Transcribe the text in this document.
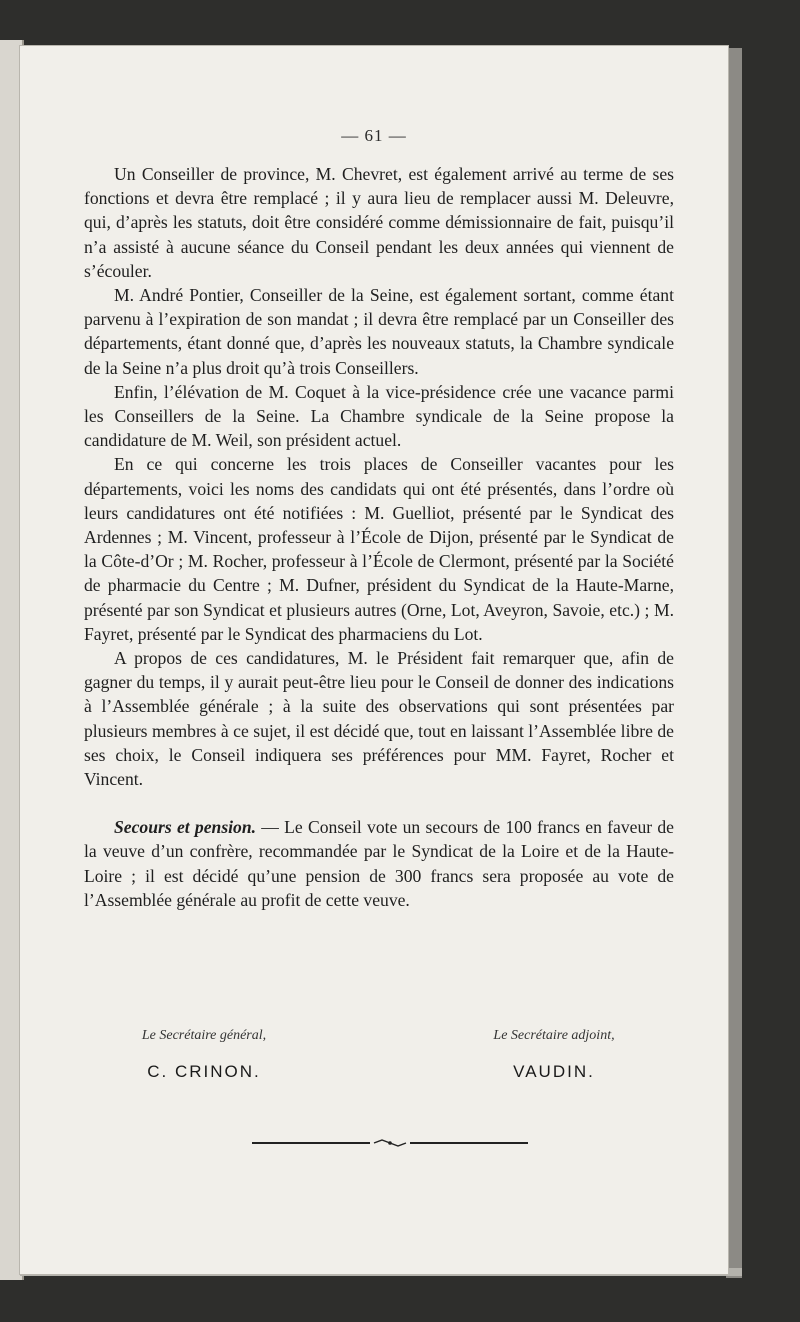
— 61 —

Un Conseiller de province, M. Chevret, est également arrivé au terme de ses fonctions et devra être remplacé ; il y aura lieu de remplacer aussi M. Deleuvre, qui, d’après les statuts, doit être considéré comme démissionnaire de fait, puisqu’il n’a assisté à aucune séance du Conseil pendant les deux années qui viennent de s’écouler.

M. André Pontier, Conseiller de la Seine, est également sortant, comme étant parvenu à l’expiration de son mandat ; il devra être remplacé par un Conseiller des départements, étant donné que, d’après les nouveaux statuts, la Chambre syndicale de la Seine n’a plus droit qu’à trois Conseillers.

Enfin, l’élévation de M. Coquet à la vice-présidence crée une vacance parmi les Conseillers de la Seine. La Chambre syndicale de la Seine propose la candidature de M. Weil, son président actuel.

En ce qui concerne les trois places de Conseiller vacantes pour les départements, voici les noms des candidats qui ont été présentés, dans l’ordre où leurs candidatures ont été notifiées : M. Guelliot, présenté par le Syndicat des Ardennes ; M. Vincent, professeur à l’École de Dijon, présenté par le Syndicat de la Côte-d’Or ; M. Rocher, professeur à l’École de Clermont, présenté par la Société de pharmacie du Centre ; M. Dufner, président du Syndicat de la Haute-Marne, présenté par son Syndicat et plusieurs autres (Orne, Lot, Aveyron, Savoie, etc.) ; M. Fayret, présenté par le Syndicat des pharmaciens du Lot.

A propos de ces candidatures, M. le Président fait remarquer que, afin de gagner du temps, il y aurait peut-être lieu pour le Conseil de donner des indications à l’Assemblée générale ; à la suite des observations qui sont présentées par plusieurs membres à ce sujet, il est décidé que, tout en laissant l’Assemblée libre de ses choix, le Conseil indiquera ses préférences pour MM. Fayret, Rocher et Vincent.

Secours et pension. — Le Conseil vote un secours de 100 francs en faveur de la veuve d’un confrère, recommandée par le Syndicat de la Loire et de la Haute-Loire ; il est décidé qu’une pension de 300 francs sera proposée au vote de l’Assemblée générale au profit de cette veuve.

Le Secrétaire général,
C. CRINON.
Le Secrétaire adjoint,
VAUDIN.
